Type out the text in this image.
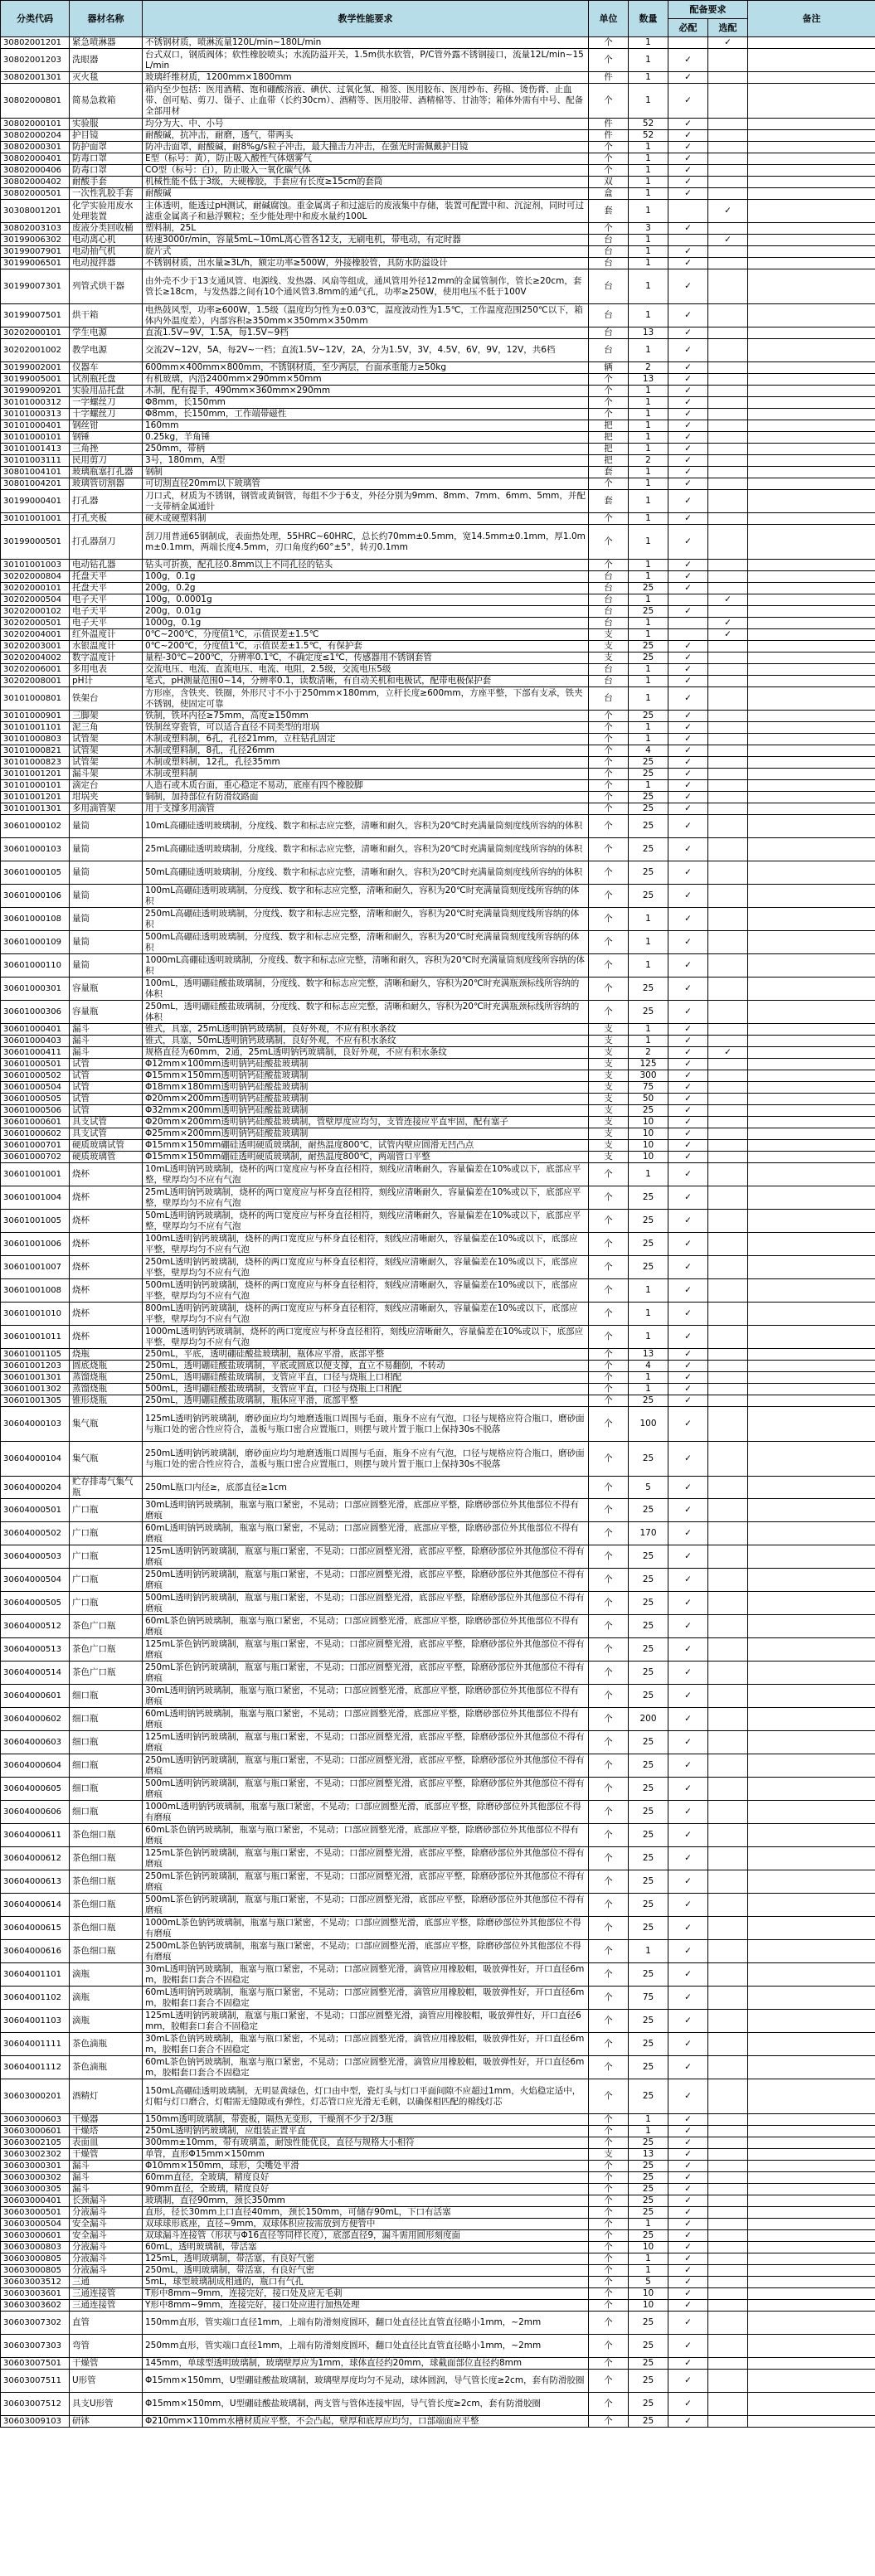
分类代码	器材名称	教学性能要求	单位	数量	配备要求		备注
					必配	选配	
30802001201	紧急喷淋器	不锈钢材质，喷淋流量120L/min~180L/min	个	1		✓	
30802001203	洗眼器	台式双口，钢质阀体；软性橡胶喷头；水流防溢开关，1.5m供水软管，P/C管外露不锈钢接口，流量12L/min~15L/min	个	1	✓		
30802001301	灭火毯	玻璃纤维材质，1200mm×1800mm	件	1	✓		
30802000801	简易急救箱	箱内至少包括：医用酒精、饱和硼酸溶液、碘伏、过氧化氢、棉签、医用胶布、医用纱布、药棉、烫伤膏、止血带、创可贴、剪刀、镊子、止血带（长约30cm）、酒精等、医用胶带、酒精棉等、甘油等；箱体外需有中号、配备全部用材	个	1	✓		
30802000101	实验服	均分为大、中、小号	件	52	✓		
30802000204	护目镜	耐酸碱，抗冲击，耐磨，透气，带两头	件	52	✓		
30802000301	防护面罩	防冲击面罩，耐酸碱，耐8%g/s粒子冲击，最大撞击力冲击，在强光时需佩戴护目镜	个	1	✓		
30802000401	防毒口罩	E型（标号：黄），防止吸入酸性气体烟雾气	个	1	✓		
30802000406	防毒口罩	CO型（标号：白），防止吸入一氧化碳气体	个	1	✓		
30802000402	耐酸手套	机械性能不低于3级，天硬橡胶，手套应有长度≥15cm的套筒	双	1	✓		
30802000501	一次性乳胶手套	耐酸碱	盒	1	✓		
30308001201	化学实验用废水处理装置	主体透明，能透过pH测试，耐碱腐蚀。重金属离子和过滤后的废液集中存储，装置可配置中和、沉淀剂，同时可过滤重金属离子和悬浮颗粒；至少能处理中和废水量约100L	套	1		✓	
30802003103	废液分类回收桶	塑料制，25L	个	3	✓		
30199006302	电动离心机	转速3000r/min，容量5mL~10mL离心管各12支，无刷电机，带电动，有定时器	台	1		✓	
30199007901	电动抽气机	旋片式	台	1	✓		
30199006501	电动搅拌器	不锈钢材质，出水量≥3L/h，额定功率≥500W，外接橡胶管，具防水防溢设计	台	1	✓		
30199007301	列管式烘干器	由外壳不少于13支通风管、电源线、发热器、风扇等组成，通风管用外径12mm的金属管制作，管长≥20cm，套管长≥18cm，与发热器之间有10个通风管3.8mm的通气孔，功率≥250W，使用电压不低于100V	台	1	✓		
30199007501	烘干箱	电热鼓风型，功率≥600W，1.5级（温度均匀性为±0.03℃，温度波动性为1.5℃，工作温度范围250℃以下，箱体内外温度差），内部容积≥350mm×350mm×350mm	台	1	✓		
30202000101	学生电源	直流1.5V~9V，1.5A，每1.5V~9档	台	13	✓		
30202001002	教学电源	交流2V~12V，5A，每2V~一档；直流1.5V~12V，2A，分为1.5V，3V，4.5V，6V，9V，12V，共6档	台	1	✓		
30199002001	仪器车	600mm×400mm×800mm，不锈钢材质，至少两层，台面承重能力≥50kg	辆	2	✓		
30199005001	试剂瓶托盘	有机玻璃，内沿2400mm×290mm×50mm	个	13	✓		
30199009201	实验用品托盘	木制，配有提手，490mm×360mm×290mm	个	1	✓		
30101000312	一字螺丝刀	Φ8mm，长150mm	个	1	✓		
30101000313	十字螺丝刀	Φ8mm，长150mm，工作端带磁性	个	1	✓		
30101000401	钢丝钳	160mm	把	1	✓		
30101000101	钢锤	0.25kg，羊角锤	把	1	✓		
30101001413	三角挫	250mm，带柄	把	1	✓		
30101003111	民用剪刀	3号，180mm，A型	把	2	✓		
30801004101	玻璃瓶塞打孔器	钢制	套	1	✓		
30801004201	玻璃管切割器	可切割直径20mm以下玻璃管	个	1	✓		
30199000401	打孔器	刀口式，材质为不锈钢，钢管或黄铜管，每组不少于6支，外径分别为9mm、8mm、7mm、6mm、5mm，并配一支带柄金属通针	套	1	✓		
30101001001	打孔夹板	硬木或硬塑料制	个	1	✓		
30199000501	打孔器刮刀	刮刀用普通65钢制成，表面热处理，55HRC~60HRC，总长约70mm±0.5mm，宽14.5mm±0.1mm，厚1.0mm±0.1mm，两端长度4.5mm，刃口角度约60°±5°，转刃0.1mm	个	1	✓		
30101001003	电动钻孔器	钻头可折换，配孔径0.8mm以上不同孔径的钻头	个	1	✓		
30202000804	托盘天平	100g，0.1g	台	1	✓		
30202000101	托盘天平	200g，0.2g	台	25	✓		
30202000504	电子天平	100g，0.0001g	台	1		✓	
30202000102	电子天平	200g，0.01g	台	25	✓		
30202000501	电子天平	1000g，0.1g	台	1		✓	
30202004001	红外温度计	0℃~200℃，分度值1℃，示值误差±1.5℃	支	1		✓	
30202003001	水银温度计	0℃~200℃，分度值1℃，示值误差±1.5℃，有保护套	支	25	✓		
30202004002	数字温度计	量程-30℃~200℃，分辨率0.1℃，不确定度≤1℃，传感器用不锈钢套管	支	25	✓		
30202006001	多用电表	交流电压、电流、直流电压、电流、电阻，2.5级，交流电压5级	台	1	✓		
30202008001	pH计	笔式，pH测量范围0~14，分辨率0.1，读数清晰，有自动关机和电极试，配带电极保护套	台	1	✓		
30101000801	铁架台	方形座，含铁夹、铁圈，外形尺寸不小于250mm×180mm，立杆长度≥600mm，方座平整，下部有支承，铁夹不锈钢，使固定可靠	台	1	✓		
30101000901	三脚架	铁制，铁环内径≥75mm，高度≥150mm	个	25	✓		
30101001101	泥三角	铁制丝穿瓷管，可以适合直径不同类型的坩埚	个	1	✓		
30101000803	试管架	木制或塑料制，6孔，孔径21mm，立柱钻孔固定	个	1	✓		
30101000821	试管架	木制或塑料制，8孔，孔径26mm	个	4	✓		
30101000823	试管架	木制或塑料制，12孔，孔径35mm	个	25	✓		
30101001201	漏斗架	木制或塑料制	个	25	✓		
30101000101	滴定台	人造石或木质台面，重心稳定不易动，底座有四个橡胶脚	个	1	✓		
30101001201	坩埚夹	铜制，加持部位有防滑纹路面	个	25	✓		
30101001301	多用滴管架	用于支撑多用滴管	个	25	✓		
30601000102	量筒	10mL高硼硅透明玻璃制，分度线、数字和标志应完整，清晰和耐久，容积为20℃时充满量筒刻度线所容纳的体积	个	25	✓		
30601000103	量筒	25mL高硼硅透明玻璃制，分度线、数字和标志应完整，清晰和耐久，容积为20℃时充满量筒刻度线所容纳的体积	个	25	✓		
30601000105	量筒	50mL高硼硅透明玻璃制，分度线、数字和标志应完整，清晰和耐久，容积为20℃时充满量筒刻度线所容纳的体积	个	25	✓		
30601000106	量筒	100mL高硼硅透明玻璃制，分度线、数字和标志应完整，清晰和耐久，容积为20℃时充满量筒刻度线所容纳的体积	个	25	✓		
30601000108	量筒	250mL高硼硅透明玻璃制，分度线、数字和标志应完整，清晰和耐久，容积为20℃时充满量筒刻度线所容纳的体积	个	1	✓		
30601000109	量筒	500mL高硼硅透明玻璃制，分度线、数字和标志应完整，清晰和耐久，容积为20℃时充满量筒刻度线所容纳的体积	个	1	✓		
30601000110	量筒	1000mL高硼硅透明玻璃制，分度线、数字和标志应完整，清晰和耐久，容积为20℃时充满量筒刻度线所容纳的体积	个	1	✓		
30601000301	容量瓶	100mL，透明硼硅酸盐玻璃制，分度线、数字和标志应完整，清晰和耐久，容积为20℃时充满瓶颈标线所容纳的体积	个	25	✓		
30601000306	容量瓶	250mL，透明硼硅酸盐玻璃制，分度线、数字和标志应完整，清晰和耐久，容积为20℃时充满瓶颈标线所容纳的体积	个	25	✓		
30601000401	漏斗	锥式，具塞，25mL透明钠钙玻璃制，良好外观，不应有积水条纹	支	1	✓		
30601000403	漏斗	锥式，具塞，50mL透明钠钙玻璃制，良好外观，不应有积水条纹	支	1	✓		
30601000411	漏斗	规格直径为60mm，2通，25mL透明钠钙玻璃制，良好外观，不应有积水条纹	支	2	✓	✓	
30601000501	试管	Φ12mm×100mm透明钠钙硅酸盐玻璃制	支	125	✓		
30601000502	试管	Φ15mm×150mm透明钠钙硅酸盐玻璃制	支	300	✓		
30601000504	试管	Φ18mm×180mm透明钠钙硅酸盐玻璃制	支	75	✓		
30601000505	试管	Φ20mm×200mm透明钠钙硅酸盐玻璃制	支	50	✓		
30601000506	试管	Φ32mm×200mm透明钠钙硅酸盐玻璃制	支	25	✓		
30601000601	具支试管	Φ20mm×200mm透明钠钙硅酸盐玻璃制，管壁厚度应均匀，支管连接应平直牢固，配有塞子	支	10	✓		
30601000602	具支试管	Φ25mm×200mm透明钠钙硅酸盐玻璃制	支	10	✓		
30601000701	硬质玻璃试管	Φ15mm×150mm硼硅透明硬质玻璃制，耐热温度800℃，试管内壁应圆滑无凹凸点	支	10	✓		
30601000702	硬质玻璃管	Φ15mm×150mm硼硅透明硬质玻璃制，耐热温度800℃，两端管口平整	支	10	✓		
30601001001	烧杯	10mL透明钠钙玻璃制，烧杯的两口宽度应与杯身直径相符，刻线应清晰耐久，容量偏差在10%或以下，底部应平整，壁厚均匀不应有气泡	个	1	✓		
30601001004	烧杯	25mL透明钠钙玻璃制，烧杯的两口宽度应与杯身直径相符，刻线应清晰耐久，容量偏差在10%或以下，底部应平整，壁厚均匀不应有气泡	个	25	✓		
30601001005	烧杯	50mL透明钠钙玻璃制，烧杯的两口宽度应与杯身直径相符，刻线应清晰耐久，容量偏差在10%或以下，底部应平整，壁厚均匀不应有气泡	个	25	✓		
30601001006	烧杯	100mL透明钠钙玻璃制，烧杯的两口宽度应与杯身直径相符，刻线应清晰耐久，容量偏差在10%或以下，底部应平整，壁厚均匀不应有气泡	个	25	✓		
30601001007	烧杯	250mL透明钠钙玻璃制，烧杯的两口宽度应与杯身直径相符，刻线应清晰耐久，容量偏差在10%或以下，底部应平整，壁厚均匀不应有气泡	个	25	✓		
30601001008	烧杯	500mL透明钠钙玻璃制，烧杯的两口宽度应与杯身直径相符，刻线应清晰耐久，容量偏差在10%或以下，底部应平整，壁厚均匀不应有气泡	个	1	✓		
30601001010	烧杯	800mL透明钠钙玻璃制，烧杯的两口宽度应与杯身直径相符，刻线应清晰耐久，容量偏差在10%或以下，底部应平整，壁厚均匀不应有气泡	个	1	✓		
30601001011	烧杯	1000mL透明钠钙玻璃制，烧杯的两口宽度应与杯身直径相符，刻线应清晰耐久，容量偏差在10%或以下，底部应平整，壁厚均匀不应有气泡	个	1	✓		
30601001105	烧瓶	250mL，平底，透明硼硅酸盐玻璃制，瓶体应平滑，底部平整	个	13	✓		
30601001203	圆底烧瓶	250mL，透明硼硅酸盐玻璃制，平底或圆底以便支撑，直立不易翻倒，不转动	个	4	✓		
30601001301	蒸馏烧瓶	250mL，透明硼硅酸盐玻璃制，支管应平直，口径与烧瓶上口相配	个	1	✓		
30601001302	蒸馏烧瓶	500mL，透明硼硅酸盐玻璃制，支管应平直，口径与烧瓶上口相配	个	1	✓		
30601001305	锥形烧瓶	250mL，透明硼硅酸盐玻璃制，瓶体应平滑，底部平整	个	25	✓		
30604000103	集气瓶	125mL透明钠钙玻璃制，磨砂面应均匀地磨透瓶口周围与毛面，瓶身不应有气泡，口径与规格应符合瓶口，磨砂面与瓶口处的密合性应符合，盖板与瓶口密合应置瓶口，则摆与玻片置于瓶口上保持30s不脱落	个	100	✓		
30604000104	集气瓶	250mL透明钠钙玻璃制，磨砂面应均匀地磨透瓶口周围与毛面，瓶身不应有气泡，口径与规格应符合瓶口，磨砂面与瓶口处的密合性应符合，盖板与瓶口密合应置瓶口，则摆与玻片置于瓶口上保持30s不脱落	个	25	✓		
30604000204	贮存排毒气集气瓶	250mL瓶口内径≥，底部直径≥1cm	个	5	✓		
30604000501	广口瓶	30mL透明钠钙玻璃制，瓶塞与瓶口紧密，不晃动；口部应圆整光滑，底部应平整，除磨砂部位外其他部位不得有磨痕	个	25	✓		
30604000502	广口瓶	60mL透明钠钙玻璃制，瓶塞与瓶口紧密，不晃动；口部应圆整光滑，底部应平整，除磨砂部位外其他部位不得有磨痕	个	170	✓		
30604000503	广口瓶	125mL透明钠钙玻璃制，瓶塞与瓶口紧密，不晃动；口部应圆整光滑，底部应平整，除磨砂部位外其他部位不得有磨痕	个	25	✓		
30604000504	广口瓶	250mL透明钠钙玻璃制，瓶塞与瓶口紧密，不晃动；口部应圆整光滑，底部应平整，除磨砂部位外其他部位不得有磨痕	个	25	✓		
30604000505	广口瓶	500mL透明钠钙玻璃制，瓶塞与瓶口紧密，不晃动；口部应圆整光滑，底部应平整，除磨砂部位外其他部位不得有磨痕	个	25	✓		
30604000512	茶色广口瓶	60mL茶色钠钙玻璃制，瓶塞与瓶口紧密，不晃动；口部应圆整光滑，底部应平整，除磨砂部位外其他部位不得有磨痕	个	25	✓		
30604000513	茶色广口瓶	125mL茶色钠钙玻璃制，瓶塞与瓶口紧密，不晃动；口部应圆整光滑，底部应平整，除磨砂部位外其他部位不得有磨痕	个	25	✓		
30604000514	茶色广口瓶	250mL茶色钠钙玻璃制，瓶塞与瓶口紧密，不晃动；口部应圆整光滑，底部应平整，除磨砂部位外其他部位不得有磨痕	个	25	✓		
30604000601	细口瓶	30mL透明钠钙玻璃制，瓶塞与瓶口紧密，不晃动；口部应圆整光滑，底部应平整，除磨砂部位外其他部位不得有磨痕	个	25	✓		
30604000602	细口瓶	60mL透明钠钙玻璃制，瓶塞与瓶口紧密，不晃动；口部应圆整光滑，底部应平整，除磨砂部位外其他部位不得有磨痕	个	200	✓		
30604000603	细口瓶	125mL透明钠钙玻璃制，瓶塞与瓶口紧密，不晃动；口部应圆整光滑，底部应平整，除磨砂部位外其他部位不得有磨痕	个	25	✓		
30604000604	细口瓶	250mL透明钠钙玻璃制，瓶塞与瓶口紧密，不晃动；口部应圆整光滑，底部应平整，除磨砂部位外其他部位不得有磨痕	个	25	✓		
30604000605	细口瓶	500mL透明钠钙玻璃制，瓶塞与瓶口紧密，不晃动；口部应圆整光滑，底部应平整，除磨砂部位外其他部位不得有磨痕	个	25	✓		
30604000606	细口瓶	1000mL透明钠钙玻璃制，瓶塞与瓶口紧密，不晃动；口部应圆整光滑，底部应平整，除磨砂部位外其他部位不得有磨痕	个	25	✓		
30604000611	茶色细口瓶	60mL茶色钠钙玻璃制，瓶塞与瓶口紧密，不晃动；口部应圆整光滑，底部应平整，除磨砂部位外其他部位不得有磨痕	个	25	✓		
30604000612	茶色细口瓶	125mL茶色钠钙玻璃制，瓶塞与瓶口紧密，不晃动；口部应圆整光滑，底部应平整，除磨砂部位外其他部位不得有磨痕	个	25	✓		
30604000613	茶色细口瓶	250mL茶色钠钙玻璃制，瓶塞与瓶口紧密，不晃动；口部应圆整光滑，底部应平整，除磨砂部位外其他部位不得有磨痕	个	25	✓		
30604000614	茶色细口瓶	500mL茶色钠钙玻璃制，瓶塞与瓶口紧密，不晃动；口部应圆整光滑，底部应平整，除磨砂部位外其他部位不得有磨痕	个	25	✓		
30604000615	茶色细口瓶	1000mL茶色钠钙玻璃制，瓶塞与瓶口紧密，不晃动；口部应圆整光滑，底部应平整，除磨砂部位外其他部位不得有磨痕	个	25	✓		
30604000616	茶色细口瓶	2500mL茶色钠钙玻璃制，瓶塞与瓶口紧密，不晃动；口部应圆整光滑，底部应平整，除磨砂部位外其他部位不得有磨痕	个	1	✓		
30604001101	滴瓶	30mL透明钠钙玻璃制，瓶塞与瓶口紧密，不晃动；口部应圆整光滑，滴管应用橡胶帽，吸放弹性好，开口直径6mm，胶帽套口套合不固稳定	个	25	✓		
30604001102	滴瓶	60mL透明钠钙玻璃制，瓶塞与瓶口紧密，不晃动；口部应圆整光滑，滴管应用橡胶帽，吸放弹性好，开口直径6mm，胶帽套口套合不固稳定	个	75	✓		
30604001103	滴瓶	125mL透明钠钙玻璃制，瓶塞与瓶口紧密，不晃动；口部应圆整光滑，滴管应用橡胶帽，吸放弹性好，开口直径6mm，胶帽套口套合不固稳定	个	25	✓		
30604001111	茶色滴瓶	30mL茶色钠钙玻璃制，瓶塞与瓶口紧密，不晃动；口部应圆整光滑，滴管应用橡胶帽，吸放弹性好，开口直径6mm，胶帽套口套合不固稳定	个	25	✓		
30604001112	茶色滴瓶	60mL茶色钠钙玻璃制，瓶塞与瓶口紧密，不晃动；口部应圆整光滑，滴管应用橡胶帽，吸放弹性好，开口直径6mm，胶帽套口套合不固稳定	个	25	✓		
30603000201	酒精灯	150mL高硼硅透明玻璃制，无明显黄绿色，灯口由中型，瓷灯头与灯口平面间隙不应超过1mm，火焰稳定适中，灯帽与灯口磨合，灯帽需无缝隙或有弹性，灯芯管口应光滑无毛刺，以确保相匹配的棉线灯芯	个	25	✓		
30603000603	干燥器	150mm透明玻璃制，带瓷板，隔热无变形，干燥剂不少于2/3瓶	个	1	✓		
30603000601	干燥塔	250mL透明钠钙玻璃制，应组装正置平直	个	1	✓		
30603002105	表面皿	300mm±10mm，带有玻璃盖，耐蚀性能优良，直径与规格大小相符	个	25	✓		
30603002302	干燥管	单管，直形Φ15mm×150mm	支	13	✓		
30603000301	漏斗	Φ10mm×150mm，球形，尖嘴处平滑	个	25	✓		
30603000302	漏斗	60mm直径，全玻璃，精度良好	个	25	✓		
30603000305	漏斗	90mm直径，全玻璃，精度良好	个	25	✓		
30603000401	长颈漏斗	玻璃制，直径90mm，颈长350mm	个	25	✓		
30603000501	分液漏斗	直形，径长30mm上口直径40mm，颈长150mm，可储存90mL，下口有活塞	个	25	✓		
30603000504	安全漏斗	双球球形底座，直径~9mm，双球体积应按需放到方便管中	个	1	✓		
30603000601	安全漏斗	双球漏斗连接管（形状与Φ16直径等同样长度），底部直径9，漏斗需用圆形刻度面	个	25	✓		
30603000803	分液漏斗	60mL，透明玻璃制，带活塞	个	10	✓		
30603000805	分液漏斗	125mL，透明玻璃制，带活塞，有良好气密	个	1	✓		
30603000805	分液漏斗	250mL，透明玻璃制，带活塞，有良好气密	个	1	✓		
30603003512	三通	5mL，球型玻璃制成相通的，瓶口有气孔	个	5	✓		
30603003601	三通连接管	T形中8mm~9mm，连接完好，接口处及应无毛刺	个	10	✓		
30603003602	三通连接管	Y形中8mm~9mm，连接完好，接口处应进行加热处理	个	10	✓		
30603007302	直管	150mm直形，管实端口直径1mm，上端有防滑刻度圆环，翻口处直径比直管直径略小1mm，~2mm	个	25	✓		
30603007303	弯管	250mm直形，管实端口直径1mm，上端有防滑刻度圆环，翻口处直径比直管直径略小1mm，~2mm	个	25	✓		
30603007501	干燥管	145mm，单球型透明玻璃制，玻璃壁厚应为1mm，球体直径约20mm，球截面部位直径约8mm	个	25	✓		
30603007511	U形管	Φ15mm×150mm，U型硼硅酸盐玻璃制，玻璃壁厚度均匀不晃动，球体圆润，导气管长度≥2cm，套有防滑胶圈	个	25	✓		
30603007512	具支U形管	Φ15mm×150mm，U型硼硅酸盐玻璃制，两支管与管体连接牢固，导气管长度≥2cm，套有防滑胶圈	个	25	✓		
30603009103	研钵	Φ210mm×110mm水槽材质应平整，不会凸起，壁厚和底厚应均匀，口部端面应平整	个	25	✓		
